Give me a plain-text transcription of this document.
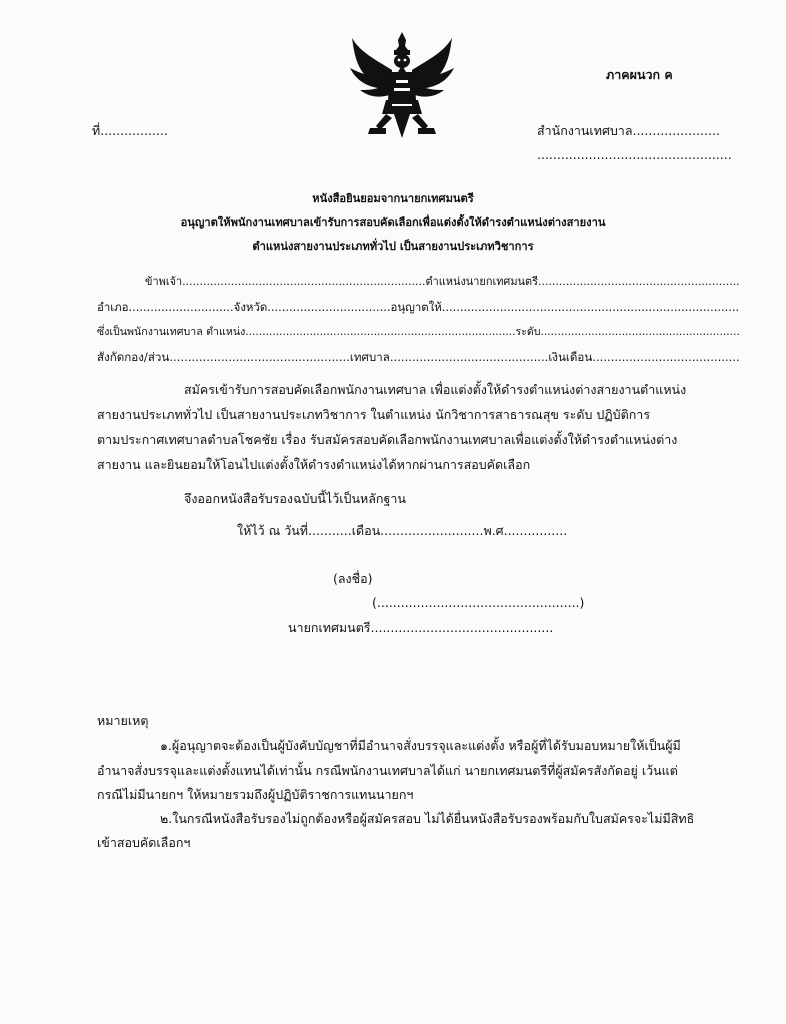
ภาคผนวก ค
ที่.................	สำนักงานเทศบาล......................
.................................................
หนังสือยินยอมจากนายกเทศมนตรี
อนุญาตให้พนักงานเทศบาลเข้ารับการสอบคัดเลือกเพื่อแต่งตั้งให้ดำรงตำแหน่งต่างสายงาน
ตำแหน่งสายงานประเภททั่วไป เป็นสายงานประเภทวิชาการ
ข้าพเจ้า......................................................................ตำแหน่งนายกเทศมนตรี..........................................................
อำเภอ.............................จังหวัด..................................อนุญาตให้..................................................................................
ซึ่งเป็นพนักงานเทศบาล ตำแหน่ง................................................................................ระดับ...........................................................
สังกัดกอง/ส่วน.................................................เทศบาล...........................................เงินเดือน........................................
สมัครเข้ารับการสอบคัดเลือกพนักงานเทศบาล เพื่อแต่งตั้งให้ดำรงตำแหน่งต่างสายงานตำแหน่ง
สายงานประเภททั่วไป เป็นสายงานประเภทวิชาการ ในตำแหน่ง นักวิชาการสาธารณสุข ระดับ ปฏิบัติการ
ตามประกาศเทศบาลตำบลโชคชัย เรื่อง รับสมัครสอบคัดเลือกพนักงานเทศบาลเพื่อแต่งตั้งให้ดำรงตำแหน่งต่าง
สายงาน และยินยอมให้โอนไปแต่งตั้งให้ดำรงตำแหน่งได้หากผ่านการสอบคัดเลือก
จึงออกหนังสือรับรองฉบับนี้ไว้เป็นหลักฐาน
ให้ไว้ ณ วันที่...........เดือน..........................พ.ศ................
(ลงชื่อ)
(...................................................)
นายกเทศมนตรี..............................................
หมายเหตุ
๑.ผู้อนุญาตจะต้องเป็นผู้บังคับบัญชาที่มีอำนาจสั่งบรรจุและแต่งตั้ง หรือผู้ที่ได้รับมอบหมายให้เป็นผู้มี
อำนาจสั่งบรรจุและแต่งตั้งแทนได้เท่านั้น กรณีพนักงานเทศบาลได้แก่ นายกเทศมนตรีที่ผู้สมัครสังกัดอยู่ เว้นแต่
กรณีไม่มีนายกฯ ให้หมายรวมถึงผู้ปฏิบัติราชการแทนนายกฯ
๒.ในกรณีหนังสือรับรองไม่ถูกต้องหรือผู้สมัครสอบ ไม่ได้ยื่นหนังสือรับรองพร้อมกับใบสมัครจะไม่มีสิทธิ
เข้าสอบคัดเลือกฯ
